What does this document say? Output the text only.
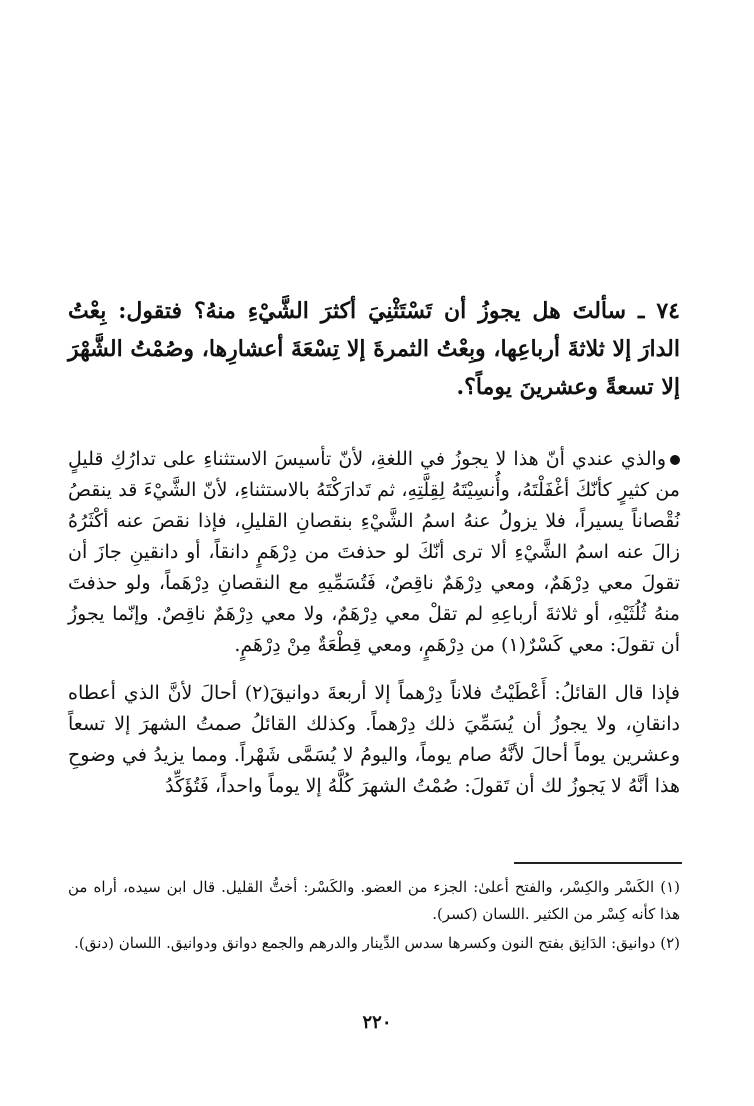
٧٤ ـ سألتَ هل يجوزُ أن تَسْتَثْنِيَ أكثرَ الشَّيْءِ منهُ؟ فتقول: بِعْتُ الدارَ إلا ثلاثةَ أرباعِها، وبِعْتُ الثمرةَ إلا تِسْعَةَ أعشارِها، وصُمْتُ الشَّهْرَ إلا تسعةً وعشرينَ يوماً؟.

والذي عندي أنّ هذا لا يجوزُ في اللغةِ، لأنّ تأسيسَ الاستثناءِ على تدارُكِ قليلٍ من كثيرٍ كأنّكَ أغْفَلْتَهُ، وأُنسِيْتَهُ لِقِلَّتِهِ، ثم تَدارَكْتَهُ بالاستثناءِ، لأنّ الشَّيْءَ قد ينقصُ نُقْصاناً يسيراً، فلا يزولُ عنهُ اسمُ الشَّيْءِ بنقصانِ القليلِ، فإذا نقصَ عنه أكْثَرُهُ زالَ عنه اسمُ الشَّيْءِ ألا ترى أنّكَ لو حذفتَ من دِرْهَمٍ دانقاً، أو دانقينِ جازَ أن تقولَ معي دِرْهَمٌ، ومعي دِرْهَمٌ ناقِصٌ، فَتُسَمِّيهِ مع النقصانِ دِرْهَماً، ولو حذفتَ منهُ ثُلُثَيْهِ، أو ثلاثةَ أرباعِهِ لم تقلْ معي دِرْهَمٌ، ولا معي دِرْهَمٌ ناقِصٌ. وإنّما يجوزُ أن تقولَ: معي كَسْرٌ(١) من دِرْهَمٍ، ومعي قِطْعَةٌ مِنْ دِرْهَمٍ.

فإذا قال القائلُ: أَعْطَيْتُ فلاناً دِرْهماً إلا أربعةَ دوانيقَ(٢) أحالَ لأنَّ الذي أعطاه دانقانِ، ولا يجوزُ أن يُسَمِّيَ ذلك دِرْهماً. وكذلك القائلُ صمتُ الشهرَ إلا تسعاً وعشرين يوماً أحالَ لأنَّهُ صام يوماً، واليومُ لا يُسَمَّى شَهْراً. ومما يزيدُ في وضوحِ هذا أنَّهُ لا يَجوزُ لك أن تَقولَ: صُمْتُ الشهرَ كُلَّهُ إلا يوماً واحداً، فَتُؤَكِّدُ

(١) الكَسْر والكِسْر، والفتح أعلىٰ: الجزء من العضو. والكَسْر: أختُّ القليل. قال ابن سيده، أراه من هذا كأنه كِسْر من الكثير .اللسان (كسر).

(٢) دوانيق: الدَانِق بفتح النون وكسرها سدس الدِّينار والدرهم والجمع دوانق ودوانيق. اللسان (دنق).

٢٢٠
